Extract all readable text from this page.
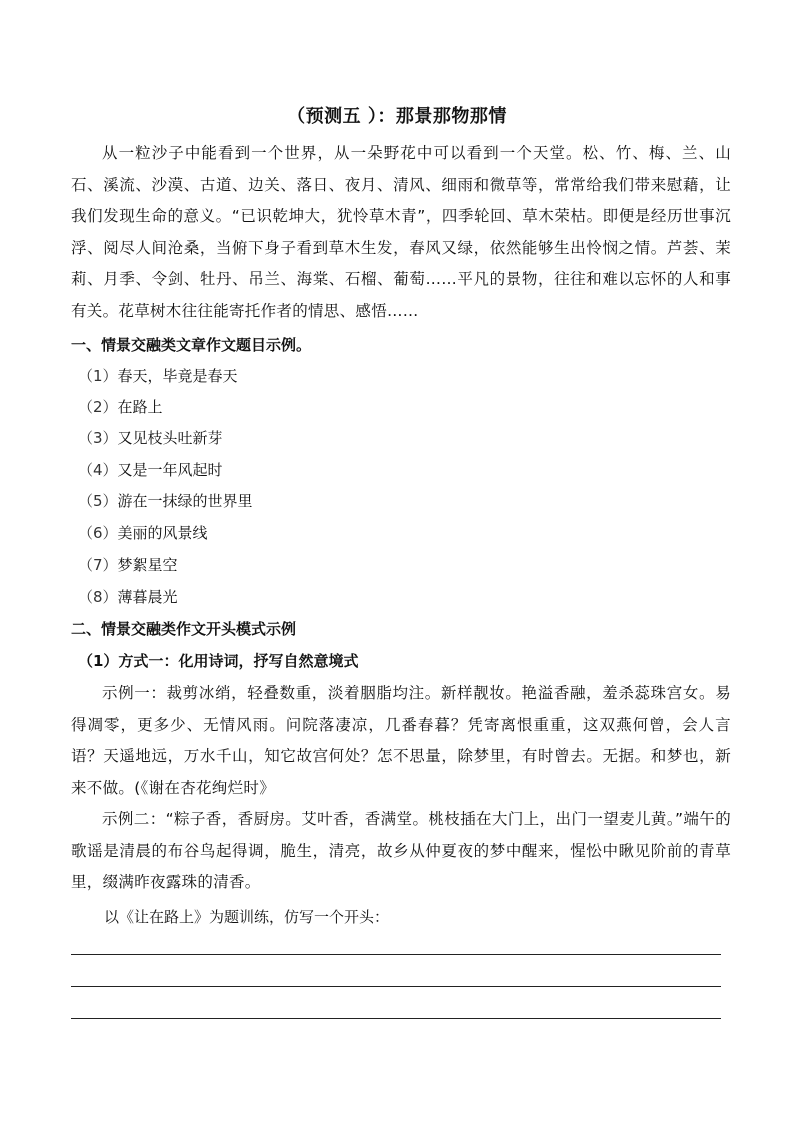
（预测五 ）：那景那物那情
从一粒沙子中能看到一个世界，从一朵野花中可以看到一个天堂。松、竹、梅、兰、山石、溪流、沙漠、古道、边关、落日、夜月、清风、细雨和微草等，常常给我们带来慰藉，让我们发现生命的意义。“已识乾坤大，犹怜草木青”，四季轮回、草木荣枯。即便是经历世事沉浮、阅尽人间沧桑，当俯下身子看到草木生发，春风又绿，依然能够生出怜悯之情。芦荟、茉莉、月季、令剑、牡丹、吊兰、海棠、石榴、葡萄……平凡的景物，往往和难以忘怀的人和事有关。花草树木往往能寄托作者的情思、感悟……
一、情景交融类文章作文题目示例。
（1）春天，毕竟是春天
（2）在路上
（3）又见枝头吐新芽
（4）又是一年风起时
（5）游在一抹绿的世界里
（6）美丽的风景线
（7）梦絮星空
（8）薄暮晨光
二、情景交融类作文开头模式示例
（1）方式一：化用诗词，抒写自然意境式
示例一：裁剪冰绡，轻叠数重，淡着胭脂均注。新样靓妆。艳溢香融，羞杀蕊珠宫女。易得凋零，更多少、无情风雨。问院落凄凉，几番春暮？凭寄离恨重重，这双燕何曾，会人言语？天遥地远，万水千山，知它故宫何处？怎不思量，除梦里，有时曾去。无据。和梦也，新来不做。(《谢在杏花绚烂时》
示例二：“粽子香，香厨房。艾叶香，香满堂。桃枝插在大门上，出门一望麦儿黄。”端午的歌谣是清晨的布谷鸟起得调，脆生，清亮，故乡从仲夏夜的梦中醒来，惺忪中瞅见阶前的青草里，缀满昨夜露珠的清香。
以《让在路上》为题训练，仿写一个开头：
